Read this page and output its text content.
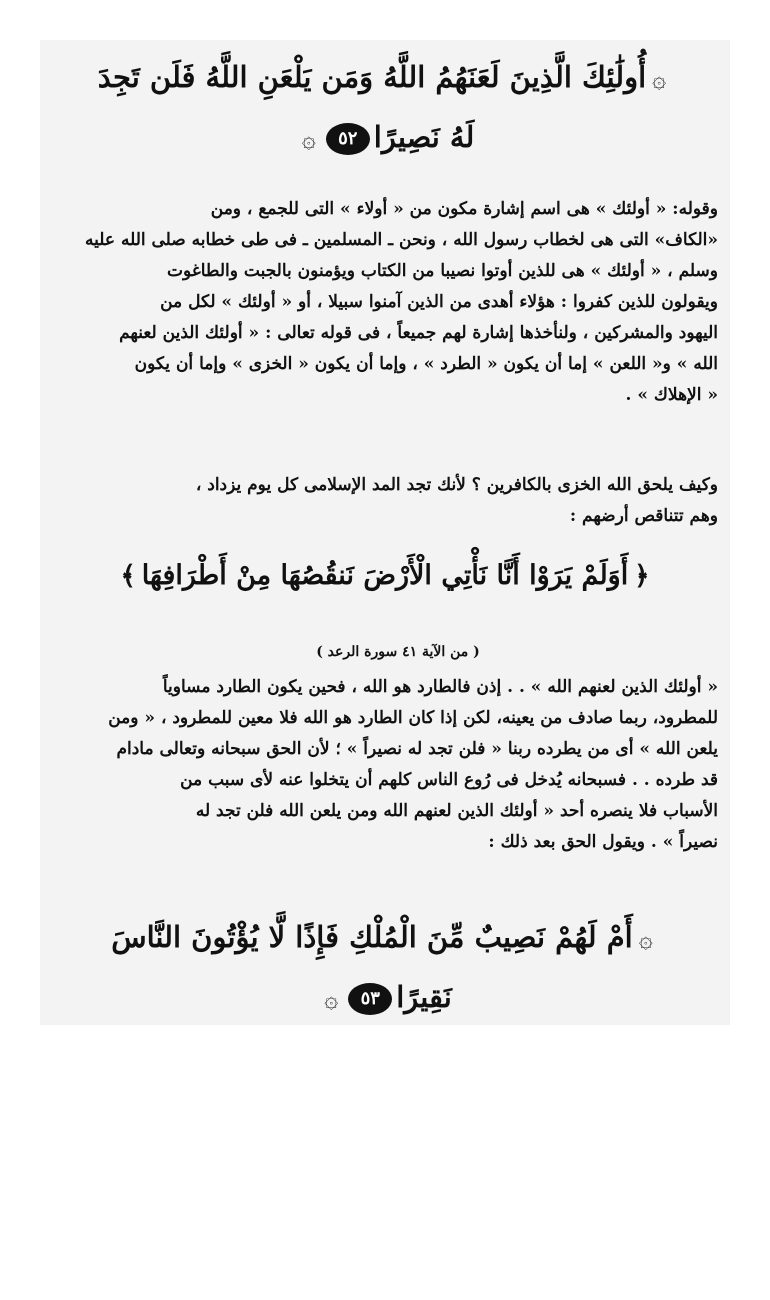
۞أُولَٰئِكَ الَّذِينَ لَعَنَهُمُ اللَّهُ وَمَن يَلْعَنِ اللَّهُ فَلَن تَجِدَ
لَهُ نَصِيرًا٥٢۞
وقوله: « أولئك » هى اسم إشارة مكون من « أولاء » التى للجمع ، ومن
«الكاف» التى هى لخطاب رسول الله ، ونحن ـ المسلمين ـ فى طى خطابه صلى الله عليه
وسلم ، « أولئك » هى للذين أوتوا نصيبا من الكتاب ويؤمنون بالجبت والطاغوت
ويقولون للذين كفروا : هؤلاء أهدى من الذين آمنوا سبيلا ، أو « أولئك » لكل من
اليهود والمشركين ، ولنأخذها إشارة لهم جميعاً ، فى قوله تعالى : « أولئك الذين لعنهم
الله » و« اللعن » إما أن يكون « الطرد » ، وإما أن يكون « الخزى » وإما أن يكون
« الإهلاك » .
وكيف يلحق الله الخزى بالكافرين ؟ لأنك تجد المد الإسلامى كل يوم يزداد ،
وهم تتناقص أرضهم :
﴿أَوَلَمْ يَرَوْا أَنَّا نَأْتِي الْأَرْضَ نَنقُصُهَا مِنْ أَطْرَافِهَا﴾
( من الآية ٤١ سورة الرعد )
« أولئك الذين لعنهم الله » . . إذن فالطارد هو الله ، فحين يكون الطارد مساوياً
للمطرود، ربما صادف من يعينه، لكن إذا كان الطارد هو الله فلا معين للمطرود ، « ومن
يلعن الله » أى من يطرده ربنا « فلن تجد له نصيراً » ؛ لأن الحق سبحانه وتعالى مادام
قد طرده . . فسبحانه يُدخل فى رُوع الناس كلهم أن يتخلوا عنه لأى سبب من
الأسباب فلا ينصره أحد « أولئك الذين لعنهم الله ومن يلعن الله فلن تجد له
نصيراً » . ويقول الحق بعد ذلك :
۞أَمْ لَهُمْ نَصِيبٌ مِّنَ الْمُلْكِ فَإِذًا لَّا يُؤْتُونَ النَّاسَ
نَقِيرًا٥٣۞
